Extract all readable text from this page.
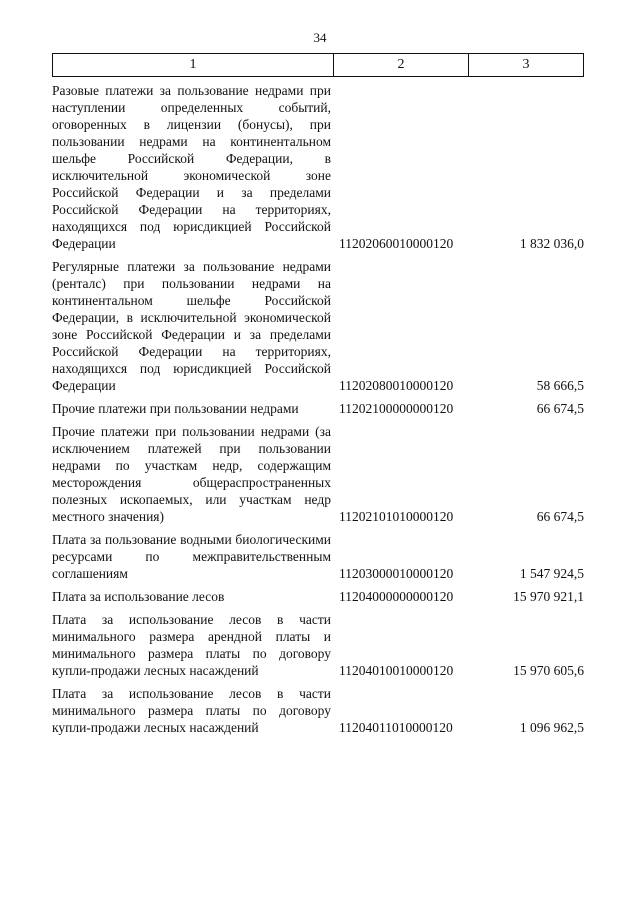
34
1	2	3
Разовые платежи за пользование недрами при наступлении определенных событий, оговоренных в лицензии (бонусы), при пользовании недрами на континентальном шельфе Российской Федерации, в исключительной экономической зоне Российской Федерации и за пределами Российской Федерации на территориях, находящихся под юрисдикцией Российской Федерации	11202060010000120	1 832 036,0
Регулярные платежи за пользование недрами (ренталс) при пользовании недрами на континентальном шельфе Российской Федерации, в исключительной экономической зоне Российской Федерации и за пределами Российской Федерации на территориях, находящихся под юрисдикцией Российской Федерации	11202080010000120	58 666,5
Прочие платежи при пользовании недрами	11202100000000120	66 674,5
Прочие платежи при пользовании недрами (за исключением платежей при пользовании недрами по участкам недр, содержащим месторождения общераспространенных полезных ископаемых, или участкам недр местного значения)	11202101010000120	66 674,5
Плата за пользование водными биологическими ресурсами по межправительственным соглашениям	11203000010000120	1 547 924,5
Плата за использование лесов	11204000000000120	15 970 921,1
Плата за использование лесов в части минимального размера арендной платы и минимального размера платы по договору купли-продажи лесных насаждений	11204010010000120	15 970 605,6
Плата за использование лесов в части минимального размера платы по договору купли-продажи лесных насаждений	11204011010000120	1 096 962,5
